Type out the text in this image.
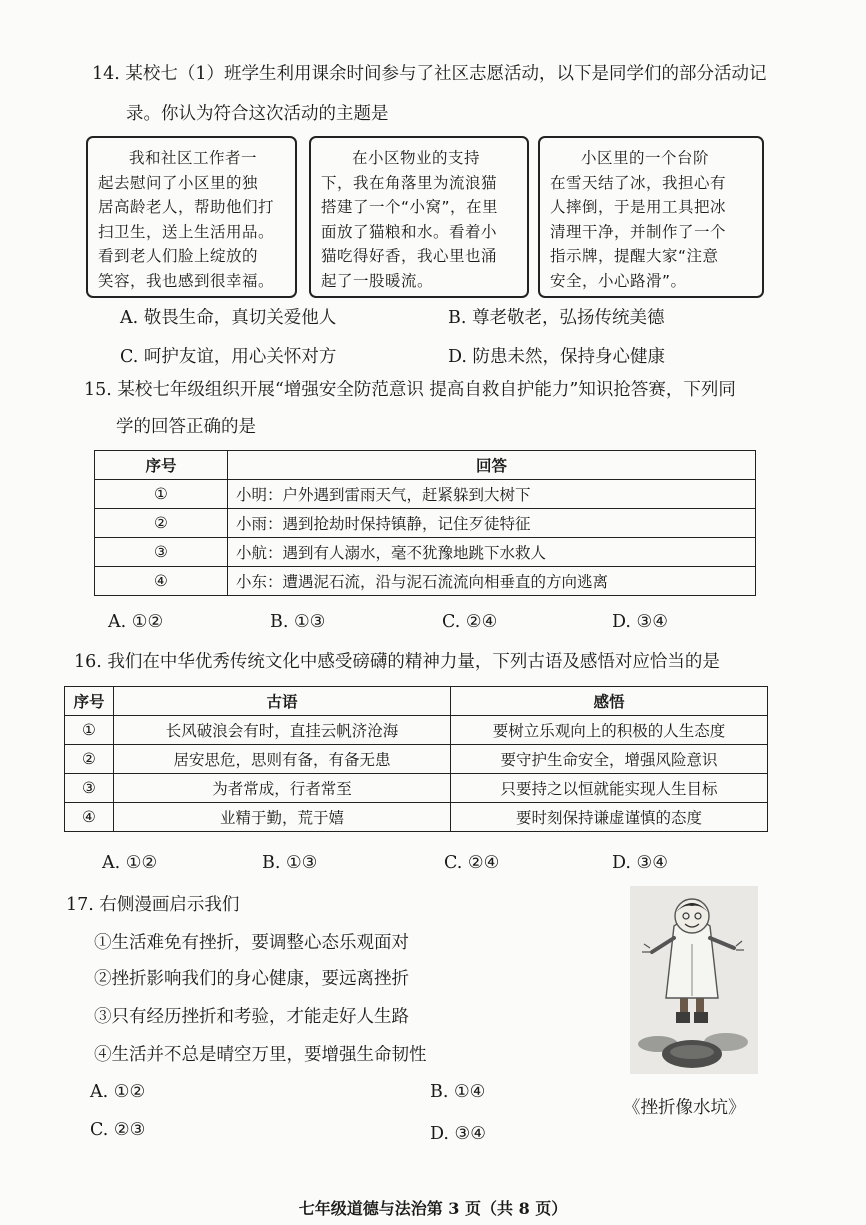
14. 某校七（1）班学生利用课余时间参与了社区志愿活动，以下是同学们的部分活动记
录。你认为符合这次活动的主题是
我和社区工作者一
起去慰问了小区里的独
居高龄老人，帮助他们打
扫卫生，送上生活用品。
看到老人们脸上绽放的
笑容，我也感到很幸福。
在小区物业的支持
下，我在角落里为流浪猫
搭建了一个“小窝”，在里
面放了猫粮和水。看着小
猫吃得好香，我心里也涌
起了一股暖流。
小区里的一个台阶
在雪天结了冰，我担心有
人摔倒，于是用工具把冰
清理干净，并制作了一个
指示牌，提醒大家“注意
安全，小心路滑”。
A. 敬畏生命，真切关爱他人	B. 尊老敬老，弘扬传统美德
C. 呵护友谊，用心关怀对方	D. 防患未然，保持身心健康
15. 某校七年级组织开展“增强安全防范意识 提高自救自护能力”知识抢答赛，下列同
学的回答正确的是
序号	回答
①	小明：户外遇到雷雨天气，赶紧躲到大树下
②	小雨：遇到抢劫时保持镇静，记住歹徒特征
③	小航：遇到有人溺水，毫不犹豫地跳下水救人
④	小东：遭遇泥石流，沿与泥石流流向相垂直的方向逃离
A. ①②	B. ①③	C. ②④	D. ③④
16. 我们在中华优秀传统文化中感受磅礴的精神力量，下列古语及感悟对应恰当的是
序号	古语	感悟
①	长风破浪会有时，直挂云帆济沧海	要树立乐观向上的积极的人生态度
②	居安思危，思则有备，有备无患	要守护生命安全，增强风险意识
③	为者常成，行者常至	只要持之以恒就能实现人生目标
④	业精于勤，荒于嬉	要时刻保持谦虚谨慎的态度
A. ①②	B. ①③	C. ②④	D. ③④
17. 右侧漫画启示我们
①生活难免有挫折，要调整心态乐观面对
②挫折影响我们的身心健康，要远离挫折
③只有经历挫折和考验，才能走好人生路
④生活并不总是晴空万里，要增强生命韧性
A. ①②	B. ①④
C. ②③	D. ③④
《挫折像水坑》
七年级道德与法治第 3 页（共 8 页）
